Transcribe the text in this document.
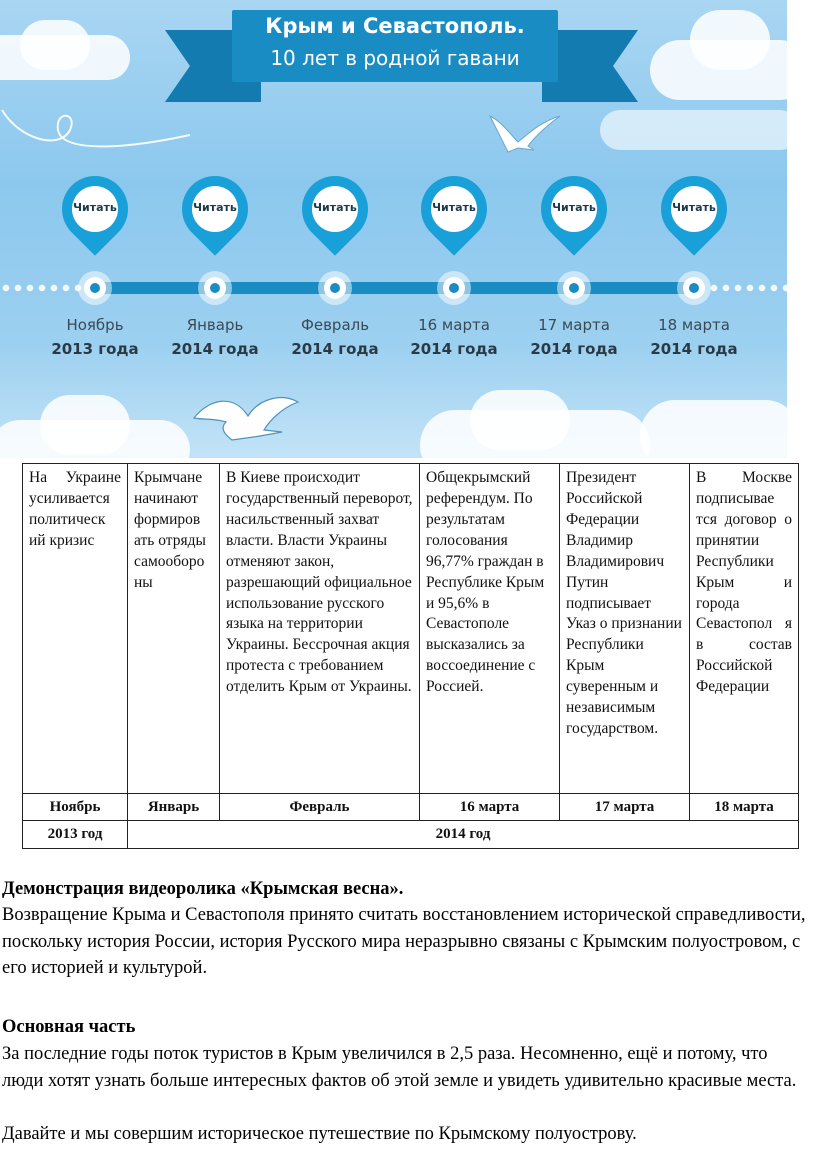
Крым и Севастополь.
10 лет в родной гавани
Читать	Читать	Читать	Читать	Читать	Читать
Ноябрь
2013 года
Январь
2014 года
Февраль
2014 года
16 марта
2014 года
17 марта
2014 года
18 марта
2014 года
На Украине усиливается политическ ий кризис	Крымчане начинают формиров ать отряды самооборо ны	В Киеве происходит государственный переворот, насильственный захват власти. Власти Украины отменяют закон, разрешающий официальное использование русского языка на территории Украины. Бессрочная акция протеста с требованием отделить Крым от Украины.	Общекрымский референдум. По результатам голосования 96,77% граждан в Республике Крым и 95,6% в Севастополе высказались за воссоединение с Россией.	Президент Российской Федерации Владимир Владимирович Путин подписывает Указ о признании Республики Крым суверенным и независимым государством.	В Москве подписывае тся договор о принятии Республики Крым и города Севастопол я в состав Российской Федерации
Ноябрь	Январь	Февраль	16 марта	17 марта	18 марта
2013 год	2014 год				

Демонстрация видеоролика «Крымская весна».

Возвращение Крыма и Севастополя принято считать восстановлением исторической справедливости, поскольку история России, история Русского мира неразрывно связаны с Крымским полуостровом, с его историей и культурой.

Основная часть

За последние годы поток туристов в Крым увеличился в 2,5 раза. Несомненно, ещё и потому, что люди хотят узнать больше интересных фактов об этой земле и увидеть удивительно красивые места.

Давайте и мы совершим историческое путешествие по Крымскому полуострову.
